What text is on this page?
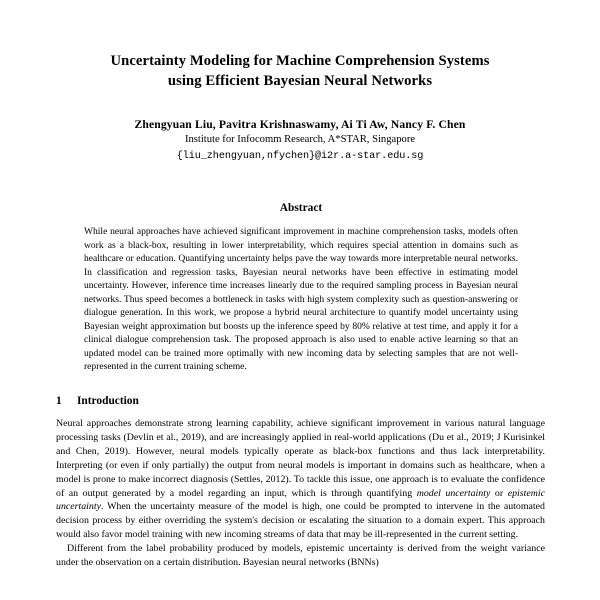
Uncertainty Modeling for Machine Comprehension Systems
using Efficient Bayesian Neural Networks
Zhengyuan Liu, Pavitra Krishnaswamy, Ai Ti Aw, Nancy F. Chen
Institute for Infocomm Research, A*STAR, Singapore
{liu_zhengyuan,nfychen}@i2r.a-star.edu.sg
Abstract

While neural approaches have achieved significant improvement in machine comprehension tasks, models often work as a black-box, resulting in lower interpretability, which requires special attention in domains such as healthcare or education. Quantifying uncertainty helps pave the way towards more interpretable neural networks. In classification and regression tasks, Bayesian neural networks have been effective in estimating model uncertainty. However, inference time increases linearly due to the required sampling process in Bayesian neural networks. Thus speed becomes a bottleneck in tasks with high system complexity such as question-answering or dialogue generation. In this work, we propose a hybrid neural architecture to quantify model uncertainty using Bayesian weight approximation but boosts up the inference speed by 80% relative at test time, and apply it for a clinical dialogue comprehension task. The proposed approach is also used to enable active learning so that an updated model can be trained more optimally with new incoming data by selecting samples that are not well-represented in the current training scheme.

1 Introduction

Neural approaches demonstrate strong learning capability, achieve significant improvement in various natural language processing tasks (Devlin et al., 2019), and are increasingly applied in real-world applications (Du et al., 2019; J Kurisinkel and Chen, 2019). However, neural models typically operate as black-box functions and thus lack interpretability. Interpreting (or even if only partially) the output from neural models is important in domains such as healthcare, when a model is prone to make incorrect diagnosis (Settles, 2012). To tackle this issue, one approach is to evaluate the confidence of an output generated by a model regarding an input, which is through quantifying model uncertainty or epistemic uncertainty. When the uncertainty measure of the model is high, one could be prompted to intervene in the automated decision process by either overriding the system's decision or escalating the situation to a domain expert. This approach would also favor model training with new incoming streams of data that may be ill-represented in the current setting.

Different from the label probability produced by models, epistemic uncertainty is derived from the weight variance under the observation on a certain distribution. Bayesian neural networks (BNNs)
